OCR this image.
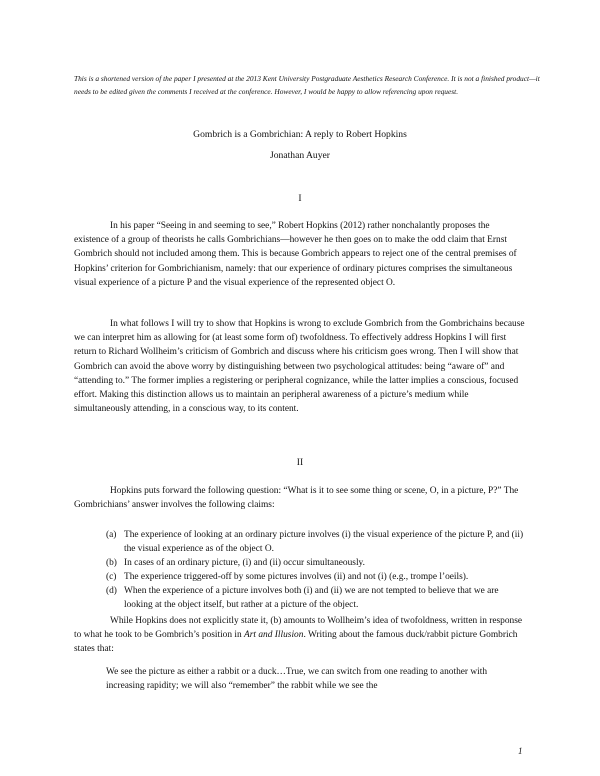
This is a shortened version of the paper I presented at the 2013 Kent University Postgraduate Aesthetics Research Conference. It is not a finished product—it needs to be edited given the comments I received at the conference. However, I would be happy to allow referencing upon request.
Gombrich is a Gombrichian: A reply to Robert Hopkins
Jonathan Auyer
I

In his paper “Seeing in and seeming to see,” Robert Hopkins (2012) rather nonchalantly proposes the existence of a group of theorists he calls Gombrichians—however he then goes on to make the odd claim that Ernst Gombrich should not included among them. This is because Gombrich appears to reject one of the central premises of Hopkins’ criterion for Gombrichianism, namely: that our experience of ordinary pictures comprises the simultaneous visual experience of a picture P and the visual experience of the represented object O.

In what follows I will try to show that Hopkins is wrong to exclude Gombrich from the Gombrichains because we can interpret him as allowing for (at least some form of) twofoldness. To effectively address Hopkins I will first return to Richard Wollheim’s criticism of Gombrich and discuss where his criticism goes wrong. Then I will show that Gombrich can avoid the above worry by distinguishing between two psychological attitudes: being “aware of” and “attending to.” The former implies a registering or peripheral cognizance, while the latter implies a conscious, focused effort. Making this distinction allows us to maintain an peripheral awareness of a picture’s medium while simultaneously attending, in a conscious way, to its content.

II

Hopkins puts forward the following question: “What is it to see some thing or scene, O, in a picture, P?” The Gombrichians’ answer involves the following claims:

(a) The experience of looking at an ordinary picture involves (i) the visual experience of the picture P, and (ii) the visual experience as of the object O.
(b) In cases of an ordinary picture, (i) and (ii) occur simultaneously.
(c) The experience triggered-off by some pictures involves (ii) and not (i) (e.g., trompe l’oeils).
(d) When the experience of a picture involves both (i) and (ii) we are not tempted to believe that we are looking at the object itself, but rather at a picture of the object.

While Hopkins does not explicitly state it, (b) amounts to Wollheim’s idea of twofoldness, written in response to what he took to be Gombrich’s position in Art and Illusion. Writing about the famous duck/rabbit picture Gombrich states that:

We see the picture as either a rabbit or a duck…True, we can switch from one reading to another with increasing rapidity; we will also “remember” the rabbit while we see the
1
